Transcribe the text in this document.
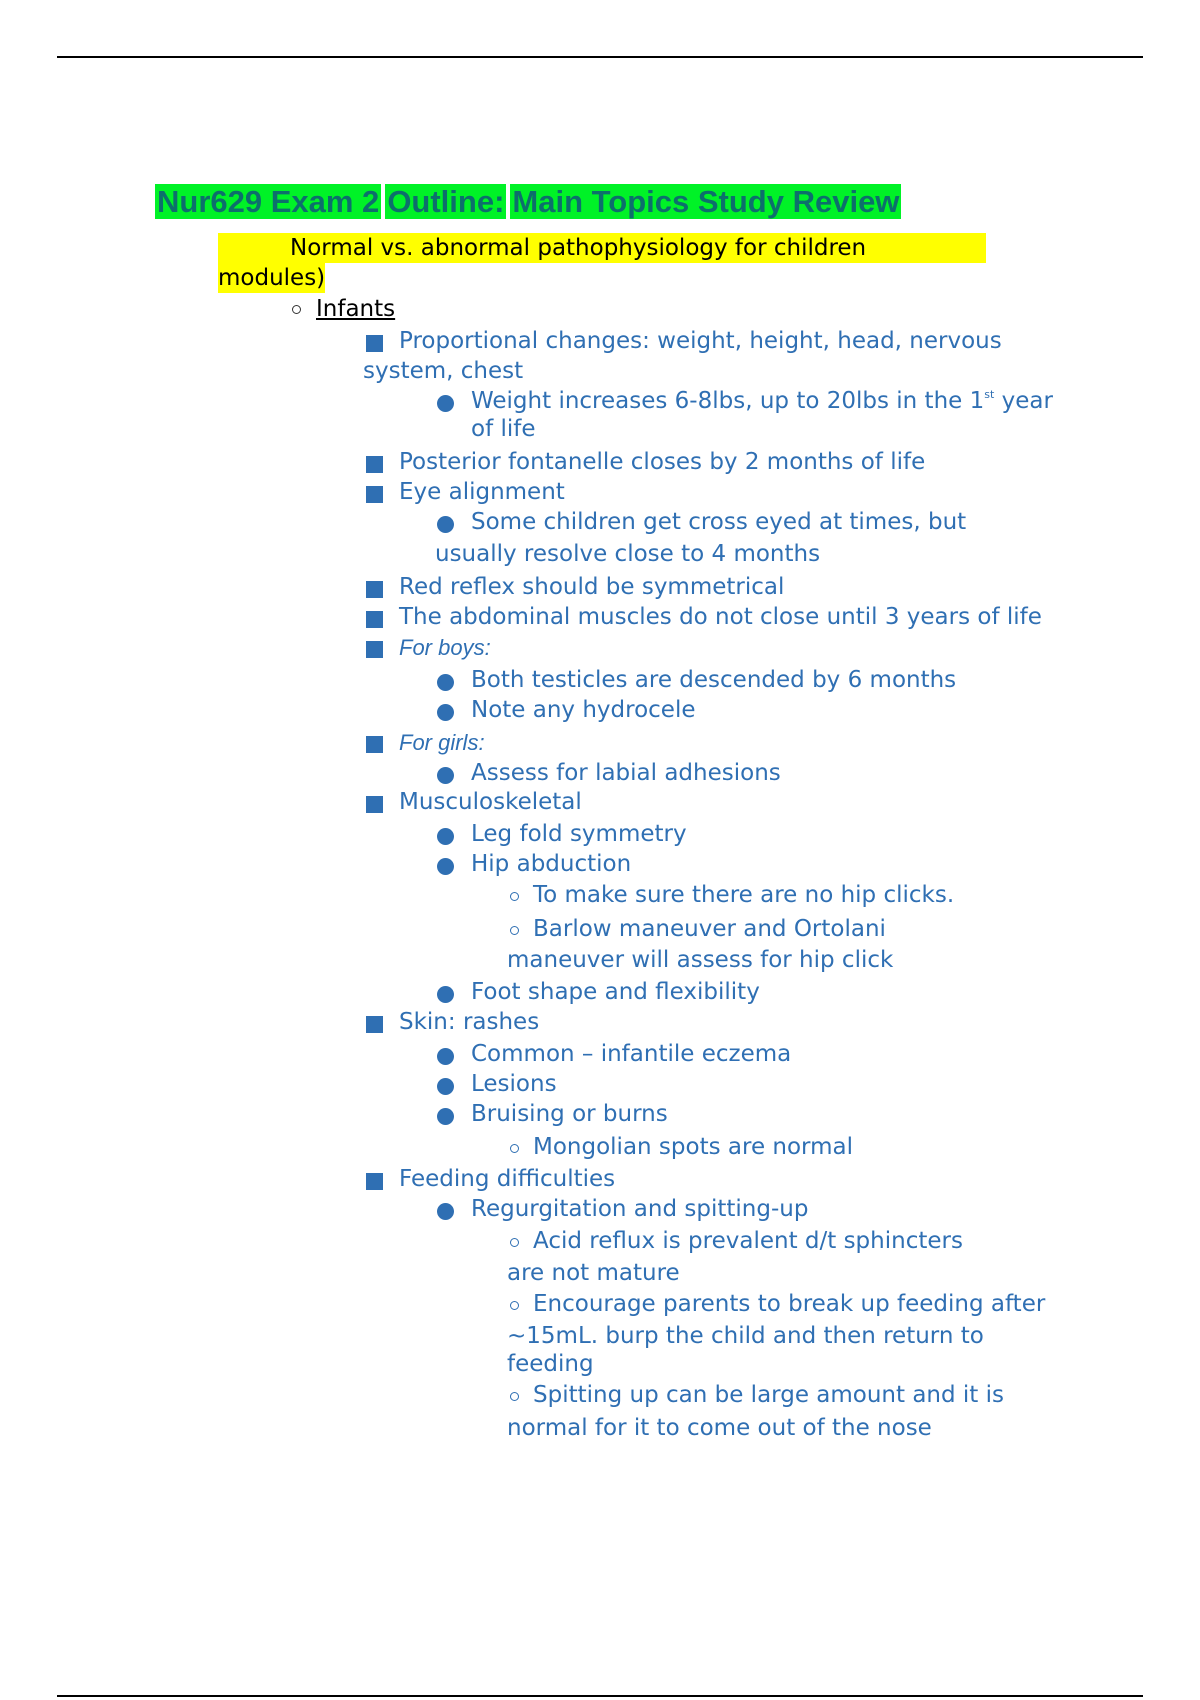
Nur629 Exam 2 Outline: Main Topics Study Review
Normal vs. abnormal pathophysiology for children
modules)
Infants
Proportional changes: weight, height, head, nervous
system, chest
Weight increases 6-8lbs, up to 20lbs in the 1st year
of life
Posterior fontanelle closes by 2 months of life
Eye alignment
Some children get cross eyed at times, but
usually resolve close to 4 months
Red reflex should be symmetrical
The abdominal muscles do not close until 3 years of life
For boys:
Both testicles are descended by 6 months
Note any hydrocele
For girls:
Assess for labial adhesions
Musculoskeletal
Leg fold symmetry
Hip abduction
To make sure there are no hip clicks.
Barlow maneuver and Ortolani
maneuver will assess for hip click
Foot shape and flexibility
Skin: rashes
Common – infantile eczema
Lesions
Bruising or burns
Mongolian spots are normal
Feeding difficulties
Regurgitation and spitting-up
Acid reflux is prevalent d/t sphincters
are not mature
Encourage parents to break up feeding after
~15mL. burp the child and then return to
feeding
Spitting up can be large amount and it is
normal for it to come out of the nose
